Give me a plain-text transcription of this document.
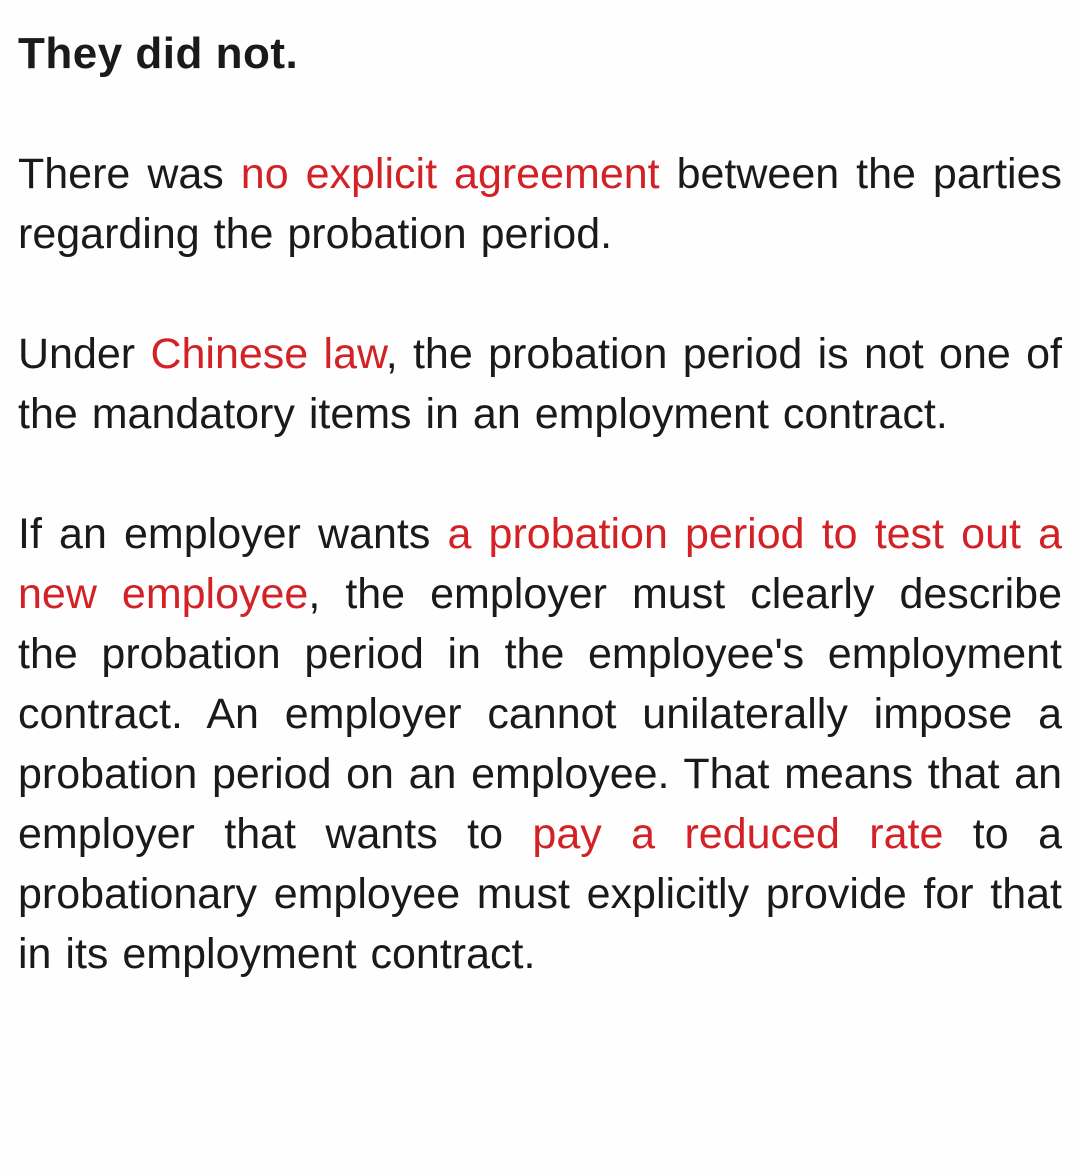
They did not.

There was no explicit agreement between the parties regarding the probation period.

Under Chinese law, the probation period is not one of the mandatory items in an employment contract.

If an employer wants a probation period to test out a new employee, the employer must clearly describe the probation period in the employee's employment contract. An employer cannot unilaterally impose a probation period on an employee. That means that an employer that wants to pay a reduced rate to a probationary employee must explicitly provide for that in its employment contract.
